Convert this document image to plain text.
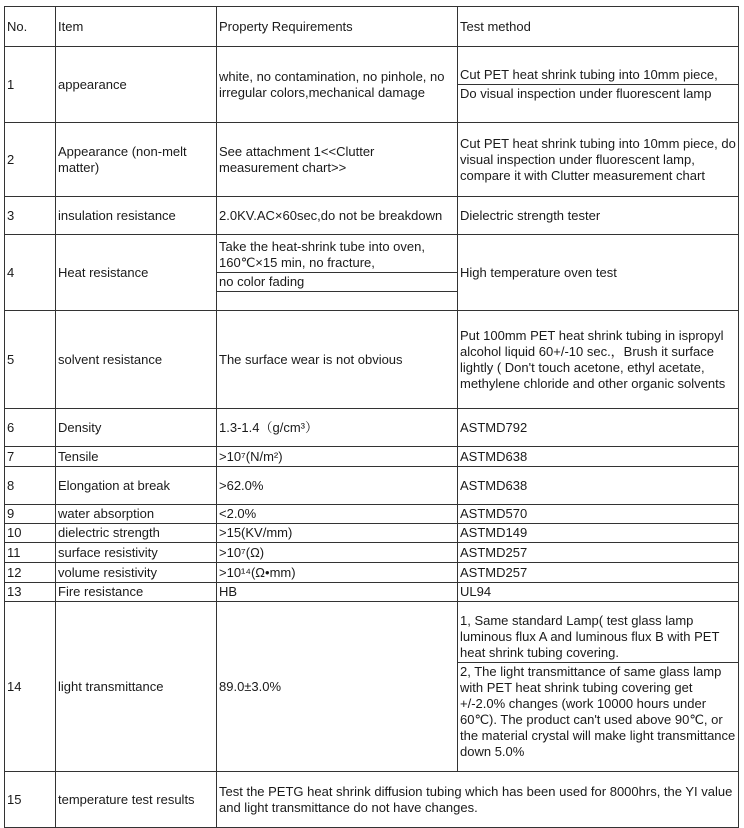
No.	Item	Property Requirements	Test method
1	appearance	white, no contamination, no pinhole, no irregular colors,mechanical damage	Cut PET heat shrink tubing into 10mm piece,
Do visual inspection under fluorescent lamp

2	Appearance (non-melt matter)	See attachment 1<<Clutter measurement chart>>	Cut PET heat shrink tubing into 10mm piece, do visual inspection under fluorescent lamp, compare it with Clutter measurement chart
3	insulation resistance	2.0KV.AC×60sec,do not be breakdown	Dielectric strength tester
4	Heat resistance	Take the heat-shrink tube into oven, 160℃×15 min, no fracture,
no color fading	High temperature oven test
5	solvent resistance	The surface wear is not obvious	Put 100mm PET heat shrink tubing in ispropyl alcohol liquid 60+/-10 sec.，Brush it surface lightly ( Don't touch acetone, ethyl acetate, methylene chloride and other organic solvents
6	Density	1.3-1.4（g/cm³）	ASTMD792
7	Tensile	>10⁷(N/m²)	ASTMD638
8	Elongation at break	>62.0%	ASTMD638
9	water absorption	<2.0%	ASTMD570
10	dielectric strength	>15(KV/mm)	ASTMD149
11	surface resistivity	>10⁷(Ω)	ASTMD257
12	volume resistivity	>10¹⁴(Ω•mm)	ASTMD257
13	Fire resistance	HB	UL94
14	light transmittance	89.0±3.0%	1, Same standard Lamp( test glass lamp luminous flux A and luminous flux B with PET heat shrink tubing covering.
2, The light transmittance of same glass lamp with PET heat shrink tubing covering get +/-2.0% changes (work 10000 hours under 60℃). The product can't used above 90℃, or the material crystal will make light transmittance down 5.0%

15	temperature test results	Test the PETG heat shrink diffusion tubing which has been used for 8000hrs, the YI value and light transmittance do not have changes.	
